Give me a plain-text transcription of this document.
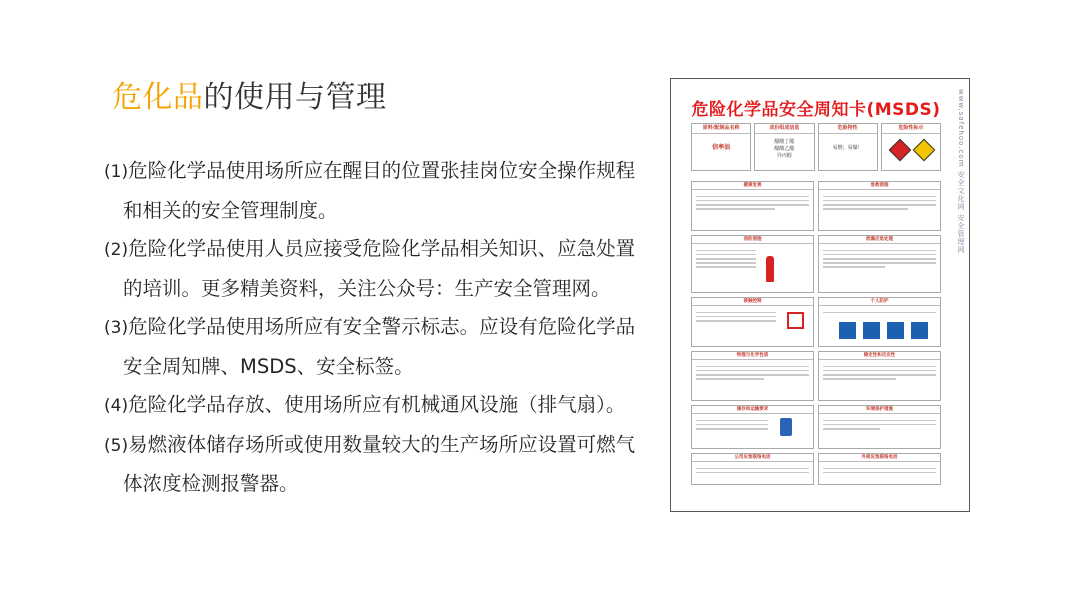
危化品的使用与管理
(1)危险化学品使用场所应在醒目的位置张挂岗位安全操作规程和相关的安全管理制度。
(2)危险化学品使用人员应接受危险化学品相关知识、应急处置的培训。更多精美资料，关注公众号：生产安全管理网。
(3)危险化学品使用场所应有安全警示标志。应设有危险化学品安全周知牌、MSDS、安全标签。
(4)危险化学品存放、使用场所应有机械通风设施（排气扇）。
(5)易燃液体储存场所或使用数量较大的生产场所应设置可燃气体浓度检测报警器。
www.safehoo.com 安全文化网 安全管理网
危险化学品安全周知卡(MSDS)
原料/配制品名称
信率油
成份组成信息
醋酸丁酯
醋酸乙酯
异丙醇
危险特性
易燃；易爆！
危险性标示
健康危害
消防措施
接触控制
物理与化学性质
储存和运输要求
公司应急联络电话
急救措施
泄漏应急处理
个人防护
稳定性和反应性
环境保护措施
外部应急联络电话
